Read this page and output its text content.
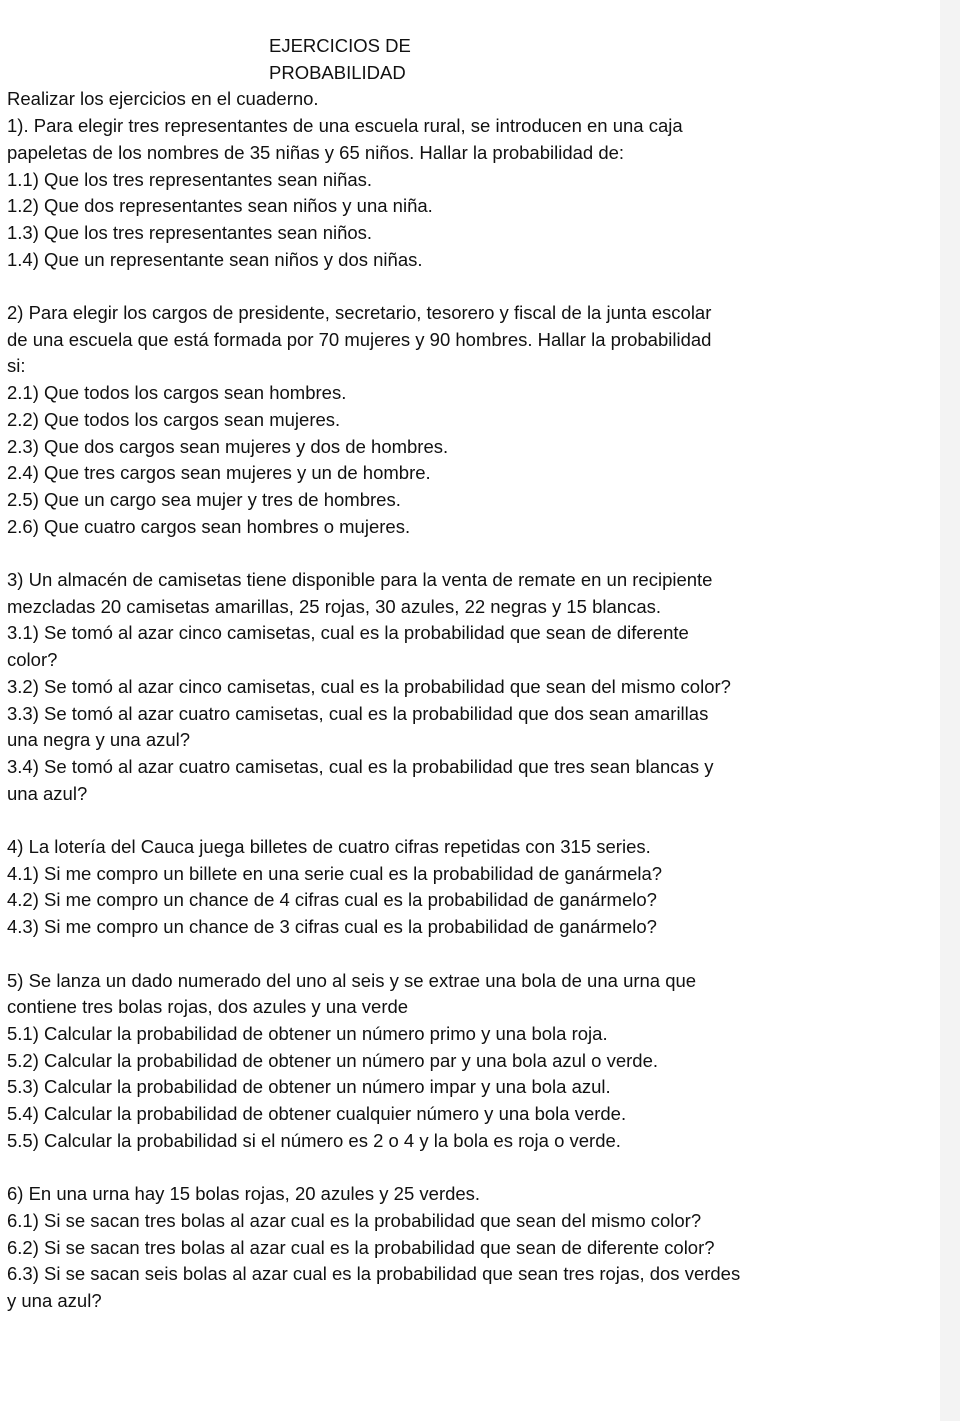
EJERCICIOS DE PROBABILIDAD
Realizar los ejercicios en el cuaderno.
1). Para elegir tres representantes de una escuela rural, se introducen en una caja
papeletas de los nombres de 35 niñas y 65 niños. Hallar la probabilidad de:
1.1) Que los tres representantes sean niñas.
1.2) Que dos representantes sean niños y una niña.
1.3) Que los tres representantes sean niños.
1.4) Que un representante sean niños y dos niñas.
2) Para elegir los cargos de presidente, secretario, tesorero y fiscal de la junta escolar
de una escuela que está formada por 70 mujeres y 90 hombres. Hallar la probabilidad
si:
2.1) Que todos los cargos sean hombres.
2.2) Que todos los cargos sean mujeres.
2.3) Que dos cargos sean mujeres y dos de hombres.
2.4) Que tres cargos sean mujeres y un de hombre.
2.5) Que un cargo sea mujer y tres de hombres.
2.6) Que cuatro cargos sean hombres o mujeres.
3) Un almacén de camisetas tiene disponible para la venta de remate en un recipiente
mezcladas 20 camisetas amarillas, 25 rojas, 30 azules, 22 negras y 15 blancas.
3.1) Se tomó al azar cinco camisetas, cual es la probabilidad que sean de diferente
color?
3.2) Se tomó al azar cinco camisetas, cual es la probabilidad que sean del mismo color?
3.3) Se tomó al azar cuatro camisetas, cual es la probabilidad que dos sean amarillas
una negra y una azul?
3.4) Se tomó al azar cuatro camisetas, cual es la probabilidad que tres sean blancas y
una azul?
4) La lotería del Cauca juega billetes de cuatro cifras repetidas con 315 series.
4.1) Si me compro un billete en una serie cual es la probabilidad de ganármela?
4.2) Si me compro un chance de 4 cifras cual es la probabilidad de ganármelo?
4.3) Si me compro un chance de 3 cifras cual es la probabilidad de ganármelo?
5) Se lanza un dado numerado del uno al seis y se extrae una bola de una urna que
contiene tres bolas rojas, dos azules y una verde
5.1) Calcular la probabilidad de obtener un número primo y una bola roja.
5.2) Calcular la probabilidad de obtener un número par y una bola azul o verde.
5.3) Calcular la probabilidad de obtener un número impar y una bola azul.
5.4) Calcular la probabilidad de obtener cualquier número y una bola verde.
5.5) Calcular la probabilidad si el número es 2 o 4 y la bola es roja o verde.
6) En una urna hay 15 bolas rojas, 20 azules y 25 verdes.
6.1) Si se sacan tres bolas al azar cual es la probabilidad que sean del mismo color?
6.2) Si se sacan tres bolas al azar cual es la probabilidad que sean de diferente color?
6.3) Si se sacan seis bolas al azar cual es la probabilidad que sean tres rojas, dos verdes
y una azul?
